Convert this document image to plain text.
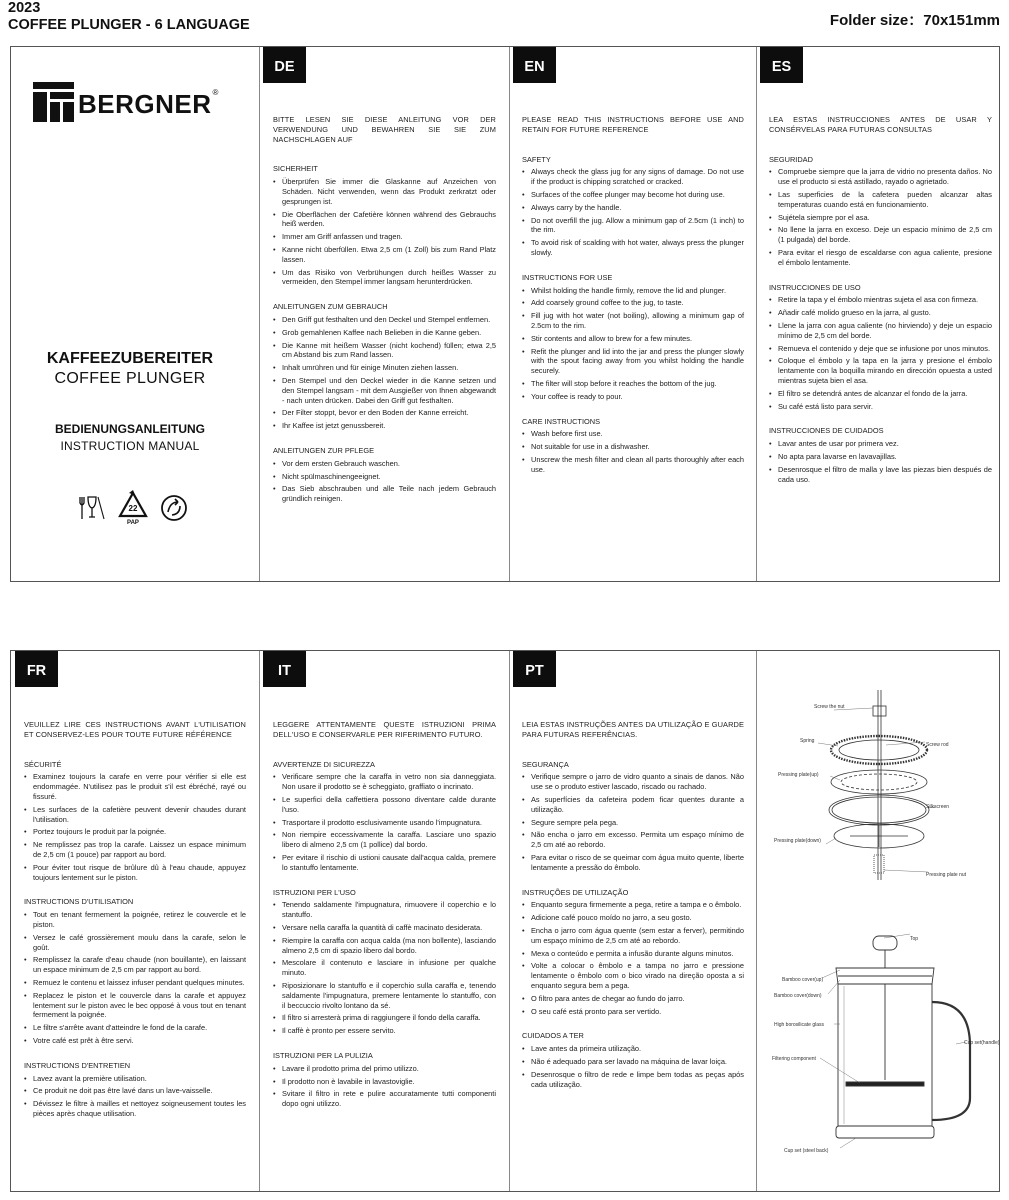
2023
COFFEE PLUNGER - 6 LANGUAGE	Folder size：70x151mm
DE	EN	ES
BERGNER ®
KAFFEEZUBEREITER
COFFEE PLUNGER
BEDIENUNGSANLEITUNG
INSTRUCTION MANUAL
22
PAP

BITTE LESEN SIE DIESE ANLEITUNG VOR DER VERWENDUNG UND BEWAHREN SIE SIE ZUM NACHSCHLAGEN AUF

SICHERHEIT

• Überprüfen Sie immer die Glaskanne auf Anzeichen von Schäden. Nicht verwenden, wenn das Produkt zerkratzt oder gesprungen ist.
• Die Oberflächen der Cafetière können während des Gebrauchs heiß werden.
• Immer am Griff anfassen und tragen.
• Kanne nicht überfüllen. Etwa 2,5 cm (1 Zoll) bis zum Rand Platz lassen.
• Um das Risiko von Verbrühungen durch heißes Wasser zu vermeiden, den Stempel immer langsam herunterdrücken.

ANLEITUNGEN ZUM GEBRAUCH

• Den Griff gut festhalten und den Deckel und Stempel entfernen.
• Grob gemahlenen Kaffee nach Belieben in die Kanne geben.
• Die Kanne mit heißem Wasser (nicht kochend) füllen; etwa 2,5 cm Abstand bis zum Rand lassen.
• Inhalt umrühren und für einige Minuten ziehen lassen.
• Den Stempel und den Deckel wieder in die Kanne setzen und den Stempel langsam - mit dem Ausgießer von Ihnen abgewandt - nach unten drücken. Dabei den Griff gut festhalten.
• Der Filter stoppt, bevor er den Boden der Kanne erreicht.
• Ihr Kaffee ist jetzt genussbereit.

ANLEITUNGEN ZUR PFLEGE

• Vor dem ersten Gebrauch waschen.
• Nicht spülmaschinengeeignet.
• Das Sieb abschrauben und alle Teile nach jedem Gebrauch gründlich reinigen.

PLEASE READ THIS INSTRUCTIONS BEFORE USE AND RETAIN FOR FUTURE REFERENCE

SAFETY

• Always check the glass jug for any signs of damage. Do not use if the product is chipping scratched or cracked.
• Surfaces of the coffee plunger may become hot during use.
• Always carry by the handle.
• Do not overfill the jug. Allow a minimum gap of 2.5cm (1 inch) to the rim.
• To avoid risk of scalding with hot water, always press the plunger slowly.

INSTRUCTIONS FOR USE

• Whilst holding the handle firmly, remove the lid and plunger.
• Add coarsely ground coffee to the jug, to taste.
• Fill jug with hot water (not boiling), allowing a minimum gap of 2.5cm to the rim.
• Stir contents and allow to brew for a few minutes.
• Refit the plunger and lid into the jar and press the plunger slowly with the spout facing away from you whilst holding the handle securely.
• The filter will stop before it reaches the bottom of the jug.
• Your coffee is ready to pour.

CARE INSTRUCTIONS

• Wash before first use.
• Not suitable for use in a dishwasher.
• Unscrew the mesh filter and clean all parts thoroughly after each use.

LEA ESTAS INSTRUCCIONES ANTES DE USAR Y CONSÉRVELAS PARA FUTURAS CONSULTAS

SEGURIDAD

• Compruebe siempre que la jarra de vidrio no presenta daños. No use el producto si está astillado, rayado o agrietado.
• Las superficies de la cafetera pueden alcanzar altas temperaturas cuando está en funcionamiento.
• Sujétela siempre por el asa.
• No llene la jarra en exceso. Deje un espacio mínimo de 2,5 cm (1 pulgada) del borde.
• Para evitar el riesgo de escaldarse con agua caliente, presione el émbolo lentamente.

INSTRUCCIONES DE USO

• Retire la tapa y el émbolo mientras sujeta el asa con firmeza.
• Añadir café molido grueso en la jarra, al gusto.
• Llene la jarra con agua caliente (no hirviendo) y deje un espacio mínimo de 2,5 cm del borde.
• Remueva el contenido y deje que se infusione por unos minutos.
• Coloque el émbolo y la tapa en la jarra y presione el émbolo lentamente con la boquilla mirando en dirección opuesta a usted mientras sujeta bien el asa.
• El filtro se detendrá antes de alcanzar el fondo de la jarra.
• Su café está listo para servir.

INSTRUCCIONES DE CUIDADOS

• Lavar antes de usar por primera vez.
• No apta para lavarse en lavavajillas.
• Desenrosque el filtro de malla y lave las piezas bien después de cada uso.
FR	IT	PT

VEUILLEZ LIRE CES INSTRUCTIONS AVANT L'UTILISATION ET CONSERVEZ-LES POUR TOUTE FUTURE RÉFÉRENCE

SÉCURITÉ

• Examinez toujours la carafe en verre pour vérifier si elle est endommagée. N'utilisez pas le produit s'il est ébréché, rayé ou fissuré.
• Les surfaces de la cafetière peuvent devenir chaudes durant l'utilisation.
• Portez toujours le produit par la poignée.
• Ne remplissez pas trop la carafe. Laissez un espace minimum de 2,5 cm (1 pouce) par rapport au bord.
• Pour éviter tout risque de brûlure dû à l'eau chaude, appuyez toujours lentement sur le piston.

INSTRUCTIONS D'UTILISATION

• Tout en tenant fermement la poignée, retirez le couvercle et le piston.
• Versez le café grossièrement moulu dans la carafe, selon le goût.
• Remplissez la carafe d'eau chaude (non bouillante), en laissant un espace minimum de 2,5 cm par rapport au bord.
• Remuez le contenu et laissez infuser pendant quelques minutes.
• Replacez le piston et le couvercle dans la carafe et appuyez lentement sur le piston avec le bec opposé à vous tout en tenant fermement la poignée.
• Le filtre s'arrête avant d'atteindre le fond de la carafe.
• Votre café est prêt à être servi.

INSTRUCTIONS D'ENTRETIEN

• Lavez avant la première utilisation.
• Ce produit ne doit pas être lavé dans un lave-vaisselle.
• Dévissez le filtre à mailles et nettoyez soigneusement toutes les pièces après chaque utilisation.

LEGGERE ATTENTAMENTE QUESTE ISTRUZIONI PRIMA DELL'USO E CONSERVARLE PER RIFERIMENTO FUTURO.

AVVERTENZE DI SICUREZZA

• Verificare sempre che la caraffa in vetro non sia danneggiata. Non usare il prodotto se è scheggiato, graffiato o incrinato.
• Le superfici della caffettiera possono diventare calde durante l'uso.
• Trasportare il prodotto esclusivamente usando l'impugnatura.
• Non riempire eccessivamente la caraffa. Lasciare uno spazio libero di almeno 2,5 cm (1 pollice) dal bordo.
• Per evitare il rischio di ustioni causate dall'acqua calda, premere lo stantuffo lentamente.

ISTRUZIONI PER L'USO

• Tenendo saldamente l'impugnatura, rimuovere il coperchio e lo stantuffo.
• Versare nella caraffa la quantità di caffè macinato desiderata.
• Riempire la caraffa con acqua calda (ma non bollente), lasciando almeno 2,5 cm di spazio libero dal bordo.
• Mescolare il contenuto e lasciare in infusione per qualche minuto.
• Riposizionare lo stantuffo e il coperchio sulla caraffa e, tenendo saldamente l'impugnatura, premere lentamente lo stantuffo, con il beccuccio rivolto lontano da sé.
• Il filtro si arresterà prima di raggiungere il fondo della caraffa.
• Il caffè è pronto per essere servito.

ISTRUZIONI PER LA PULIZIA

• Lavare il prodotto prima del primo utilizzo.
• Il prodotto non è lavabile in lavastoviglie.
• Svitare il filtro in rete e pulire accuratamente tutti componenti dopo ogni utilizzo.

LEIA ESTAS INSTRUÇÕES ANTES DA UTILIZAÇÃO E GUARDE PARA FUTURAS REFERÊNCIAS.

SEGURANÇA

• Verifique sempre o jarro de vidro quanto a sinais de danos. Não use se o produto estiver lascado, riscado ou rachado.
• As superfícies da cafeteira podem ficar quentes durante a utilização.
• Segure sempre pela pega.
• Não encha o jarro em excesso. Permita um espaço mínimo de 2,5 cm até ao rebordo.
• Para evitar o risco de se queimar com água muito quente, liberte lentamente a pressão do êmbolo.

INSTRUÇÕES DE UTILIZAÇÃO

• Enquanto segura firmemente a pega, retire a tampa e o êmbolo.
• Adicione café pouco moído no jarro, a seu gosto.
• Encha o jarro com água quente (sem estar a ferver), permitindo um espaço mínimo de 2,5 cm até ao rebordo.
• Mexa o conteúdo e permita a infusão durante alguns minutos.
• Volte a colocar o êmbolo e a tampa no jarro e pressione lentamente o êmbolo com o bico virado na direção oposta a si enquanto segura bem a pega.
• O filtro para antes de chegar ao fundo do jarro.
• O seu café está pronto para ser vertido.

CUIDADOS A TER

• Lave antes da primeira utilização.
• Não é adequado para ser lavado na máquina de lavar loiça.
• Desenrosque o filtro de rede e limpe bem todas as peças após cada utilização.
Screw the nut
Spring
Screw rod
Pressing plate(up)
Silkscreen
Pressing plate(down)
Pressing plate nut
Top
Bamboo cover(up)
Bamboo cover(down)
High borosilicate glass
Filtering component
Cup set(handle)
Cup set (steel back)
